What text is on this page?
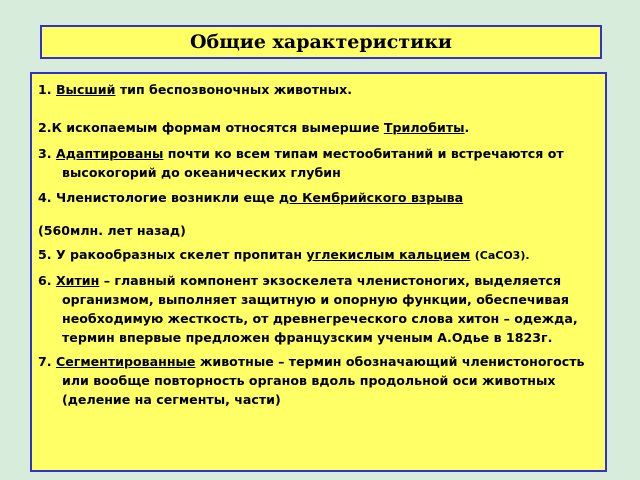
Общие характеристики
1. Высший тип беспозвоночных животных.
2.К ископаемым формам относятся вымершие Трилобиты.
3. Адаптированы почти ко всем типам местообитаний и встречаются от высокогорий до океанических глубин
4. Членистологие возникли еще до Кембрийского взрыва
(560млн. лет назад)
5. У ракообразных скелет пропитан углекислым кальцием (CaCO3).
6. Хитин – главный компонент экзоскелета членистоногих, выделяется организмом, выполняет защитную и опорную функции, обеспечивая необходимую жесткость, от древнегреческого слова хитон – одежда, термин впервые предложен французским ученым А.Одье в 1823г.
7. Сегментированные животные – термин обозначающий членистоногость или вообще повторность органов вдоль продольной оси животных (деление на сегменты, части)
